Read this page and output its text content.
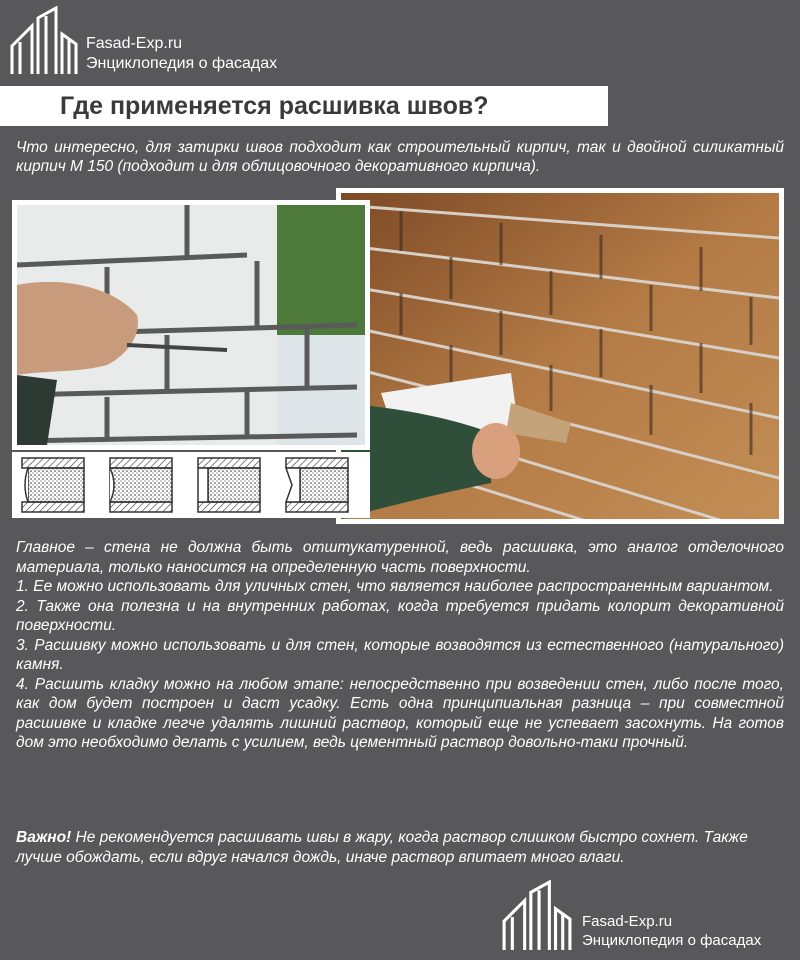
Fasad-Exp.ru
Энциклопедия о фасадах
Где применяется расшивка швов?
Что интересно, для затирки швов подходит как строительный кирпич, так и двойной силикатный кирпич М 150 (подходит и для облицовочного декоративного кирпича).

Главное – стена не должна быть отштукатуренной, ведь расшивка, это аналог отделочного материала, только наносится на определенную часть поверхности.

1. Ее можно использовать для уличных стен, что является наиболее распространенным вариантом.

2. Также она полезна и на внутренних работах, когда требуется придать колорит декоративной поверхности.

3. Расшивку можно использовать и для стен, которые возводятся из естественного (натурального) камня.

4. Расшить кладку можно на любом этапе: непосредственно при возведении стен, либо после того, как дом будет построен и даст усадку. Есть одна принципиальная разница – при совместной расшивке и кладке легче удалять лишний раствор, который еще не успевает засохнуть. На готов дом это необходимо делать с усилием, ведь цементный раствор довольно-таки прочный.

Важно! Не рекомендуется расшивать швы в жару, когда раствор слишком быстро сохнет. Также лучше обождать, если вдруг начался дождь, иначе раствор впитает много влаги.
Fasad-Exp.ru
Энциклопедия о фасадах
